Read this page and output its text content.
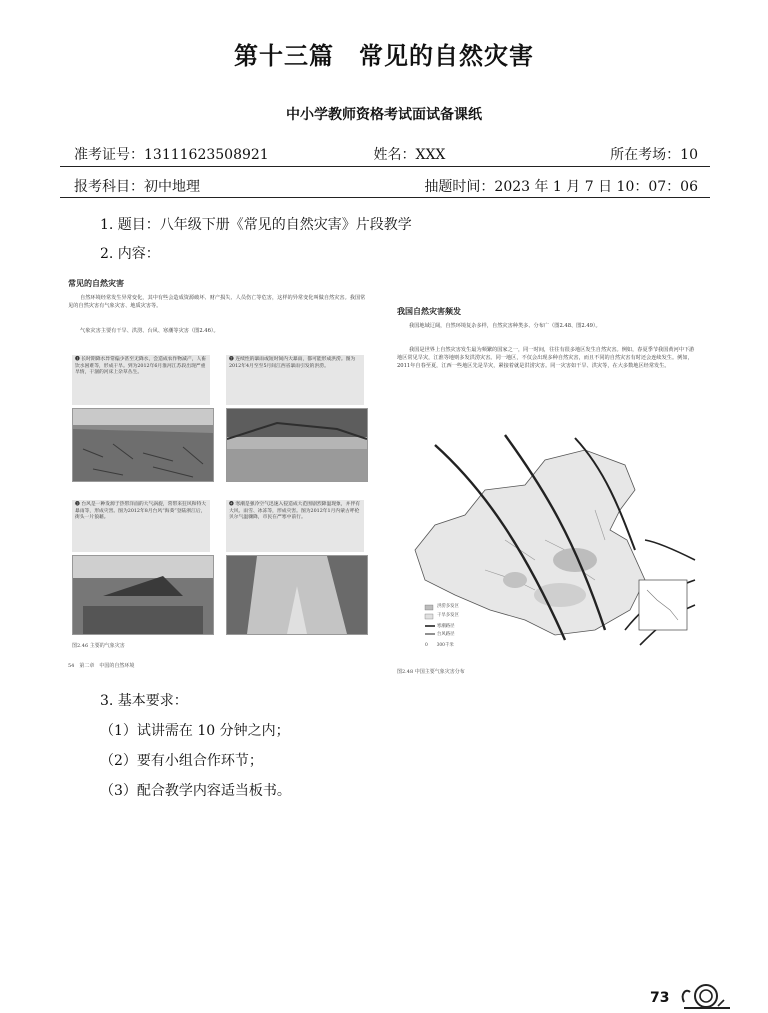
第十三篇　常见的自然灾害
中小学教师资格考试面试备课纸
准考证号：13111623508921	姓名：XXX	所在考场：10
报考科目：初中地理	抽题时间：2023 年 1 月 7 日 10：07：06
1. 题目：八年级下册《常见的自然灾害》片段教学
2. 内容：
常见的自然灾害
自然环境经常发生异常变化，其中有些会造成资源破坏、财产损失、人员伤亡等危害，这样的异常变化叫做自然灾害。我国常见的自然灾害有气象灾害、地质灾害等。
气象灾害主要有干旱、洪涝、台风、寒潮等灾害（图2.46）。
❶ 长时期降水异常偏少甚至无降水，会造成农作物减产，人畜饮水困难等，形成干旱。到为2012年6月淮河江苏段出现严重旱情，干涸的河床上杂草丛生。
❷ 连续性的暴雨或短时间内大暴雨，都可能形成洪涝。图为2012年4月至至5月间江西省暴雨引发的洪涝。
❸ 台风是一种发源于热带洋面的大气涡旋，常带来狂风和特大暴雨等，形成灾害。图为2012年8月台风“海葵”登陆浙江后，街头一片狼藉。
❹ 寒潮是强冷空气迅速入侵造成大范围剧烈降温现象，并伴有大风、雨雪、冰冻等，形成灾害。图为2012年1月内蒙古呼伦贝尔气温骤降，市民在严寒中前行。
图2.46 主要的气象灾害
54　第二章　中国的自然环境
我国自然灾害频发
我国地域辽阔，自然环境复杂多样，自然灾害种类多、分布广（图2.48、图2.49）。
我国是世界上自然灾害发生最为频繁的国家之一，同一时间，往往有很多地区发生自然灾害。例如，春夏季节我国黄河中下游地区常见旱灾，江淮等地则多发洪涝灾害。同一地区，不仅会出现多种自然灾害，而且不同的自然灾害有时还会连续发生。例如，2011年自春至夏，江西一些地区先是旱灾，紧接着就是洪涝灾害。同一灾害如干旱、洪灾等，在大多数地区经常发生。
洪涝多发区
干旱多发区
寒潮路径
台风路径
0　　300千米
图2.48 中国主要气象灾害分布
3. 基本要求：
（1）试讲需在 10 分钟之内；
（2）要有小组合作环节；
（3）配合教学内容适当板书。
73
